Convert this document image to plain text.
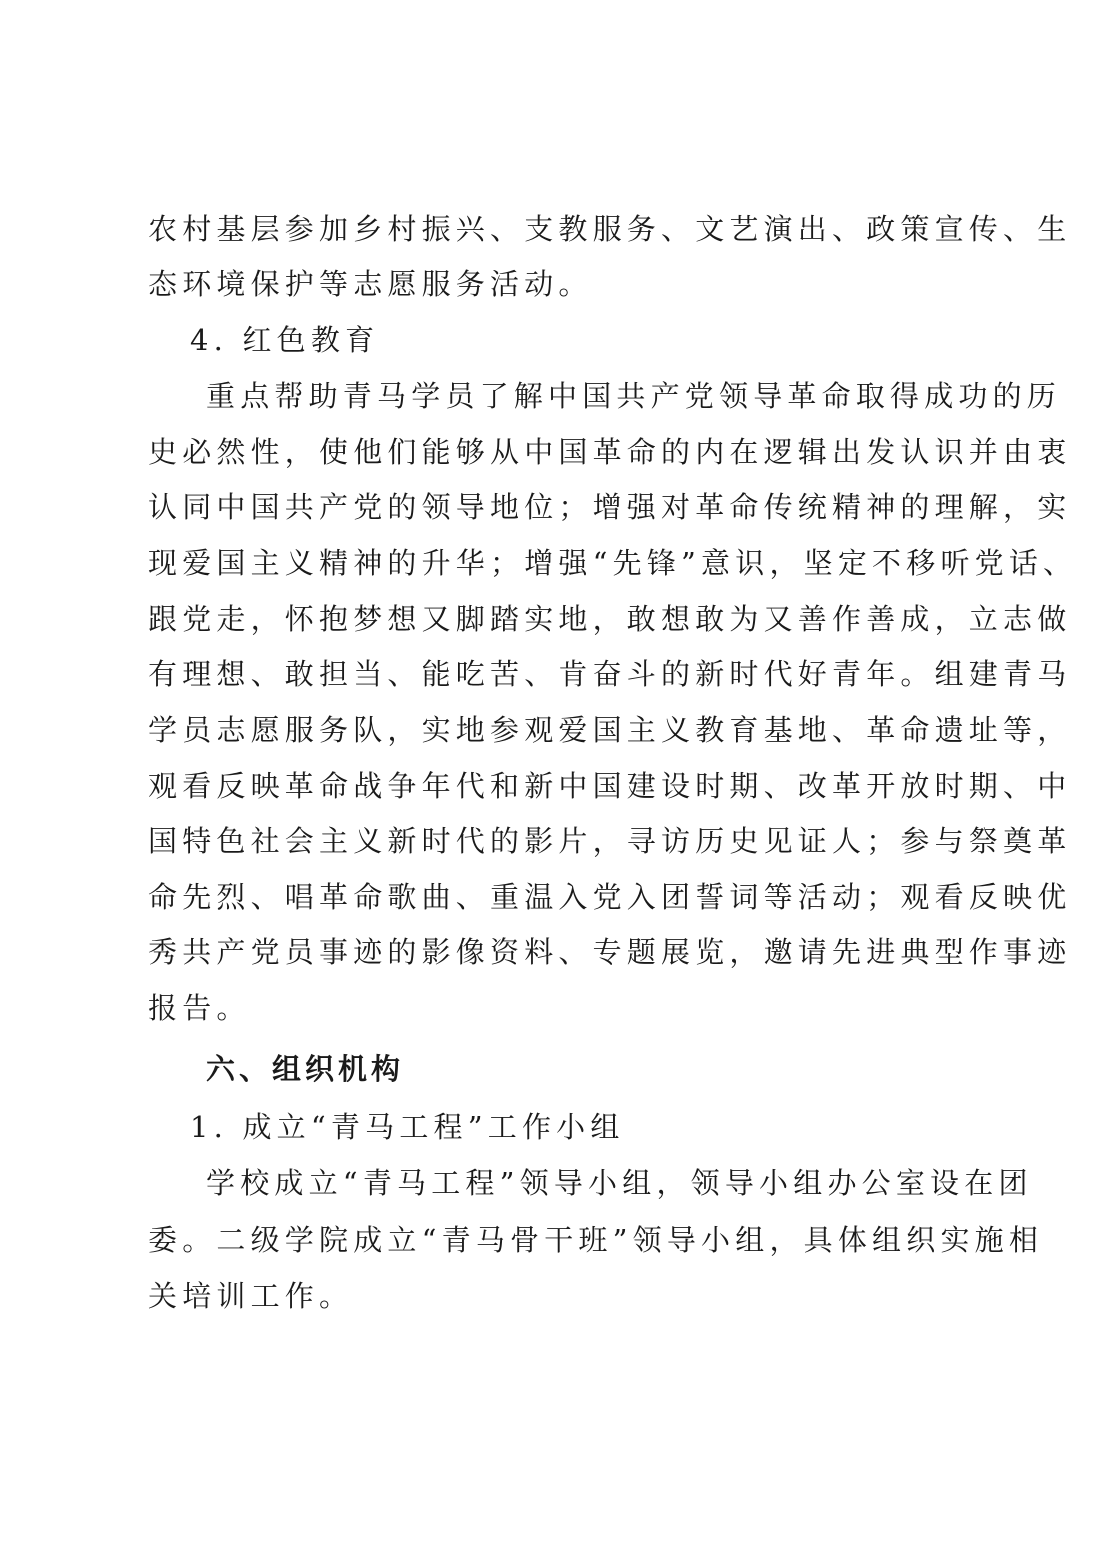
农村基层参加乡村振兴、支教服务、文艺演出、政策宣传、生
态环境保护等志愿服务活动。
4. 红色教育
重点帮助青马学员了解中国共产党领导革命取得成功的历
史必然性，使他们能够从中国革命的内在逻辑出发认识并由衷
认同中国共产党的领导地位；增强对革命传统精神的理解，实
现爱国主义精神的升华；增强“先锋”意识，坚定不移听党话、
跟党走，怀抱梦想又脚踏实地，敢想敢为又善作善成，立志做
有理想、敢担当、能吃苦、肯奋斗的新时代好青年。组建青马
学员志愿服务队，实地参观爱国主义教育基地、革命遗址等，
观看反映革命战争年代和新中国建设时期、改革开放时期、中
国特色社会主义新时代的影片，寻访历史见证人；参与祭奠革
命先烈、唱革命歌曲、重温入党入团誓词等活动；观看反映优
秀共产党员事迹的影像资料、专题展览，邀请先进典型作事迹
报告。
六、组织机构
1. 成立“青马工程”工作小组
学校成立“青马工程”领导小组，领导小组办公室设在团
委。二级学院成立“青马骨干班”领导小组，具体组织实施相
关培训工作。
